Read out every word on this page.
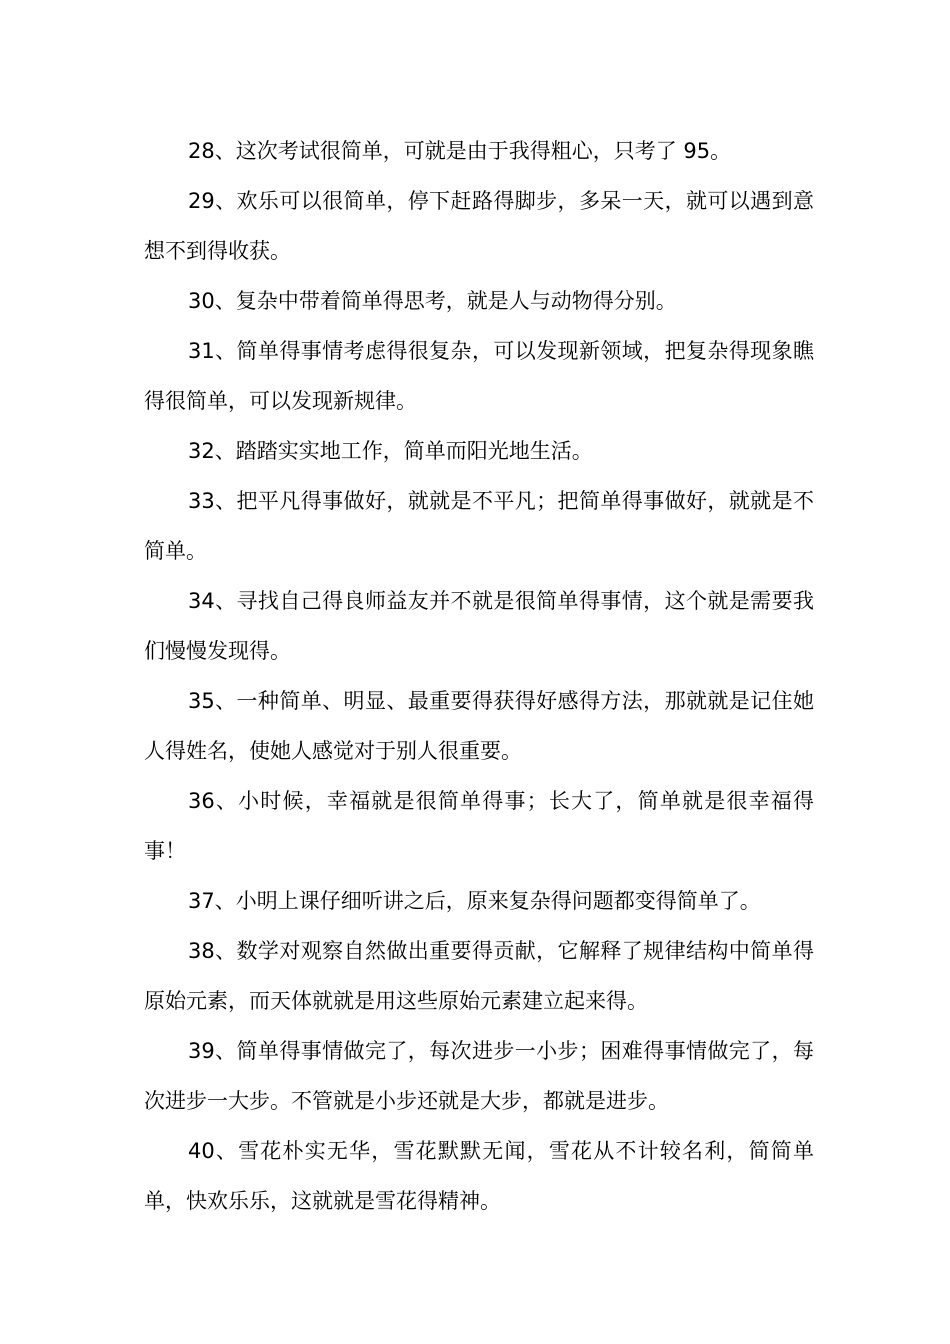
28、这次考试很简单，可就是由于我得粗心，只考了 95。

29、欢乐可以很简单，停下赶路得脚步，多呆一天，就可以遇到意想不到得收获。

30、复杂中带着简单得思考，就是人与动物得分别。

31、简单得事情考虑得很复杂，可以发现新领域，把复杂得现象瞧得很简单，可以发现新规律。

32、踏踏实实地工作，简单而阳光地生活。

33、把平凡得事做好，就就是不平凡；把简单得事做好，就就是不简单。

34、寻找自己得良师益友并不就是很简单得事情，这个就是需要我们慢慢发现得。

35、一种简单、明显、最重要得获得好感得方法，那就就是记住她人得姓名，使她人感觉对于别人很重要。

36、小时候，幸福就是很简单得事；长大了，简单就是很幸福得事！

37、小明上课仔细听讲之后，原来复杂得问题都变得简单了。

38、数学对观察自然做出重要得贡献，它解释了规律结构中简单得原始元素，而天体就就是用这些原始元素建立起来得。

39、简单得事情做完了，每次进步一小步；困难得事情做完了，每次进步一大步。不管就是小步还就是大步，都就是进步。

40、雪花朴实无华，雪花默默无闻，雪花从不计较名利，简简单单，快欢乐乐，这就就是雪花得精神。
